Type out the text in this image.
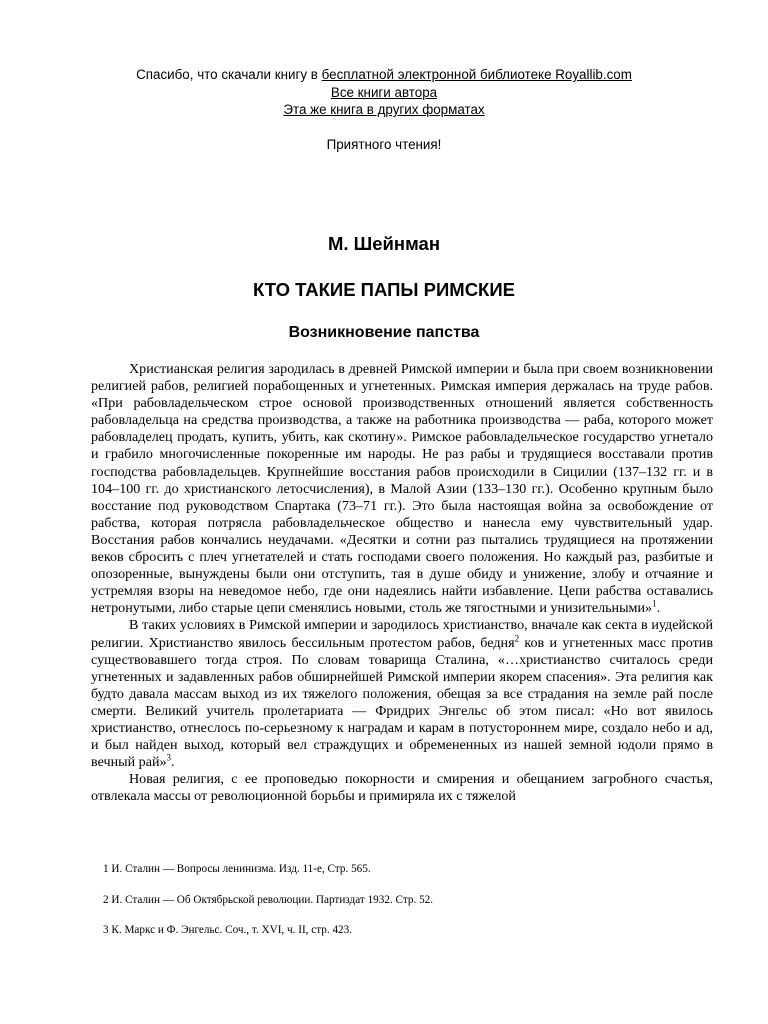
Спасибо, что скачали книгу в бесплатной электронной библиотеке Royallib.com
Все книги автора
Эта же книга в других форматах
Приятного чтения!
М. Шейнман
КТО ТАКИЕ ПАПЫ РИМСКИЕ
Возникновение папства

Христианская религия зародилась в древней Римской империи и была при своем возникновении религией рабов, религией порабощенных и угнетенных. Римская империя держалась на труде рабов. «При рабовладельческом строе основой производственных отношений является собственность рабовладельца на средства производства, а также на работника производства — раба, которого может рабовладелец продать, купить, убить, как скотину». Римское рабовладельческое государство угнетало и грабило многочисленные покоренные им народы. Не раз рабы и трудящиеся восставали против господства рабовладельцев. Крупнейшие восстания рабов происходили в Сицилии (137–132 гг. и в 104–100 гг. до христианского летосчисления), в Малой Азии (133–130 гг.). Особенно крупным было восстание под руководством Спартака (73–71 гг.). Это была настоящая война за освобождение от рабства, которая потрясла рабовладельческое общество и нанесла ему чувствительный удар. Восстания рабов кончались неудачами. «Десятки и сотни раз пытались трудящиеся на протяжении веков сбросить с плеч угнетателей и стать господами своего положения. Но каждый раз, разбитые и опозоренные, вынуждены были они отступить, тая в душе обиду и унижение, злобу и отчаяние и устремляя взоры на неведомое небо, где они надеялись найти избавление. Цепи рабства оставались нетронутыми, либо старые цепи сменялись новыми, столь же тягостными и унизительными»$^1$.

В таких условиях в Римской империи и зародилось христианство, вначале как секта в иудейской религии. Христианство явилось бессильным протестом рабов, бедня$^2$ ков и угнетенных масс против существовавшего тогда строя. По словам товарища Сталина, «…христианство считалось среди угнетенных и задавленных рабов обширнейшей Римской империи якорем спасения». Эта религия как будто давала массам выход из их тяжелого положения, обещая за все страдания на земле рай после смерти. Великий учитель пролетариата — Фридрих Энгельс об этом писал: «Но вот явилось христианство, отнеслось по-серьезному к наградам и карам в потустороннем мире, создало небо и ад, и был найден выход, который вел страждущих и обремененных из нашей земной юдоли прямо в вечный рай»$^3$.

Новая религия, с ее проповедью покорности и смирения и обещанием загробного счастья, отвлекала массы от революционной борьбы и примиряла их с тяжелой

1 И. Сталин — Вопросы ленинизма. Изд. 11-е, Стр. 565.
2 И. Сталин — Об Октябрьской революции. Партиздат 1932. Стр. 52.
3 К. Маркс и Ф. Энгельс. Соч., т. XVI, ч. II, стр. 423.
